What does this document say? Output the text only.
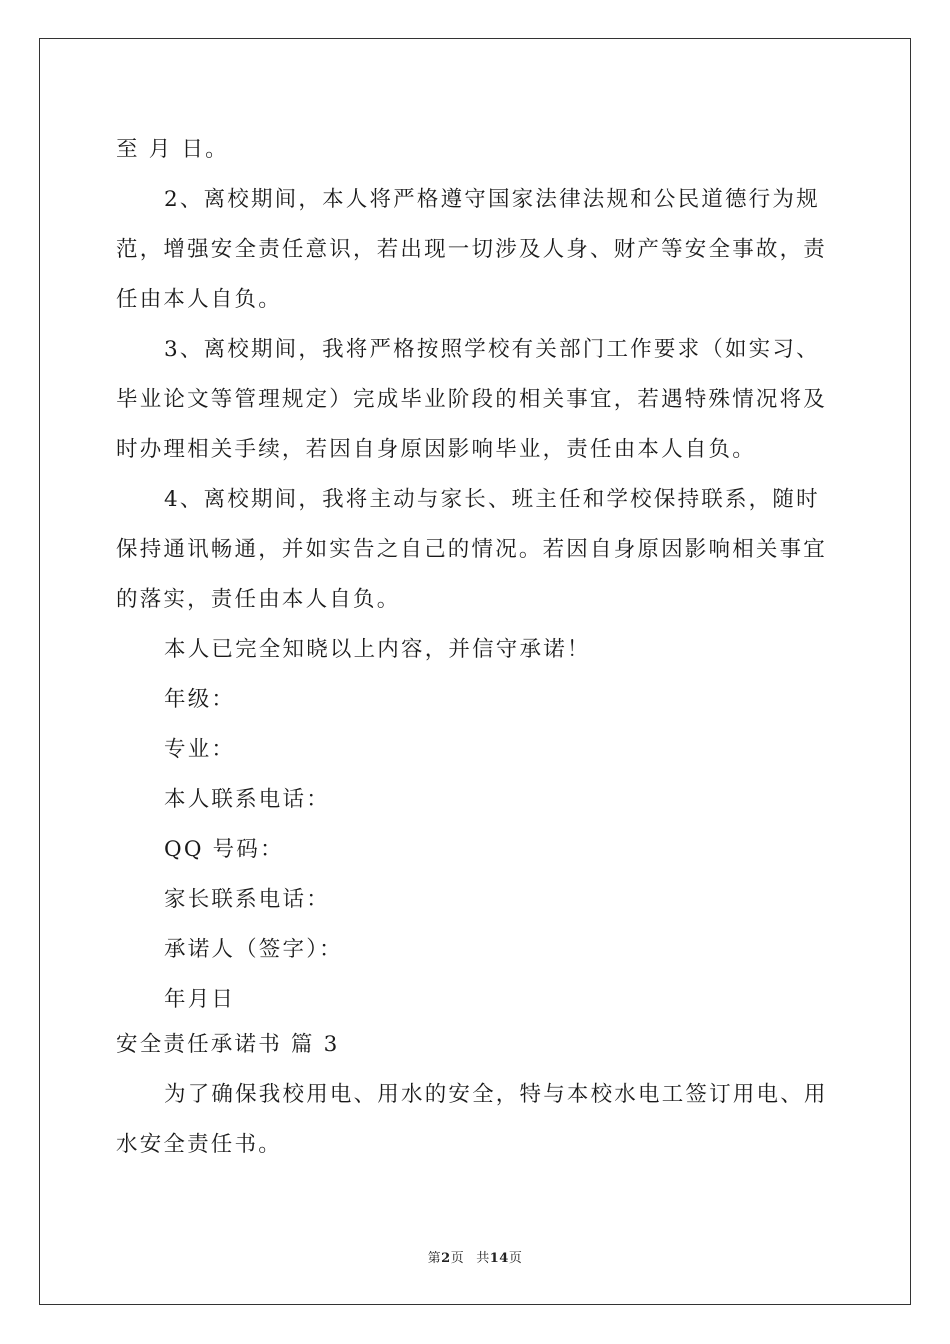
至 月 日。
2、离校期间，本人将严格遵守国家法律法规和公民道德行为规
范，增强安全责任意识，若出现一切涉及人身、财产等安全事故，责
任由本人自负。
3、离校期间，我将严格按照学校有关部门工作要求（如实习、
毕业论文等管理规定）完成毕业阶段的相关事宜，若遇特殊情况将及
时办理相关手续，若因自身原因影响毕业，责任由本人自负。
4、离校期间，我将主动与家长、班主任和学校保持联系，随时
保持通讯畅通，并如实告之自己的情况。若因自身原因影响相关事宜
的落实，责任由本人自负。
本人已完全知晓以上内容，并信守承诺！
年级：
专业：
本人联系电话：
QQ 号码：
家长联系电话：
承诺人（签字）：
年月日
安全责任承诺书 篇 3
为了确保我校用电、用水的安全，特与本校水电工签订用电、用
水安全责任书。
第2页 共14页
